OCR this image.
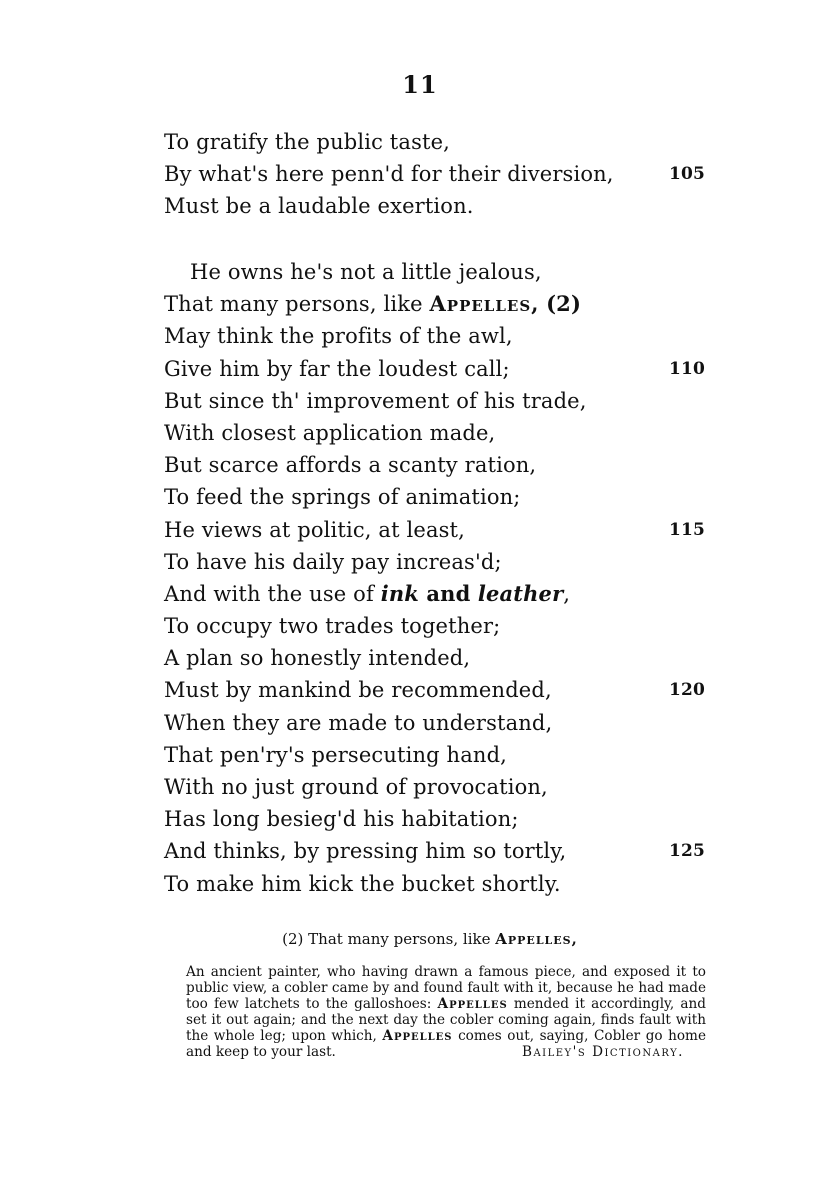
11
To gratify the public taste,
By what's here penn'd for their diversion,	105
Must be a laudable exertion.
He owns he's not a little jealous,
That many persons, like Appelles, (2)
May think the profits of the awl,
Give him by far the loudest call;	110
But since th' improvement of his trade,
With closest application made,
But scarce affords a scanty ration,
To feed the springs of animation;
He views at politic, at least,	115
To have his daily pay increas'd;
And with the use of ink and leather,
To occupy two trades together;
A plan so honestly intended,
Must by mankind be recommended,	120
When they are made to understand,
That pen'ry's persecuting hand,
With no just ground of provocation,
Has long besieg'd his habitation;
And thinks, by pressing him so tortly,	125
To make him kick the bucket shortly.
(2) That many persons, like Appelles,
An ancient painter, who having drawn a famous piece, and exposed it to public view, a cobler came by and found fault with it, because he had made too few latchets to the galloshoes: Appelles mended it accordingly, and set it out again; and the next day the cobler coming again, finds fault with the whole leg; upon which, Appelles comes out, saying, Cobler go home and keep to your last.	Bailey's Dictionary.
